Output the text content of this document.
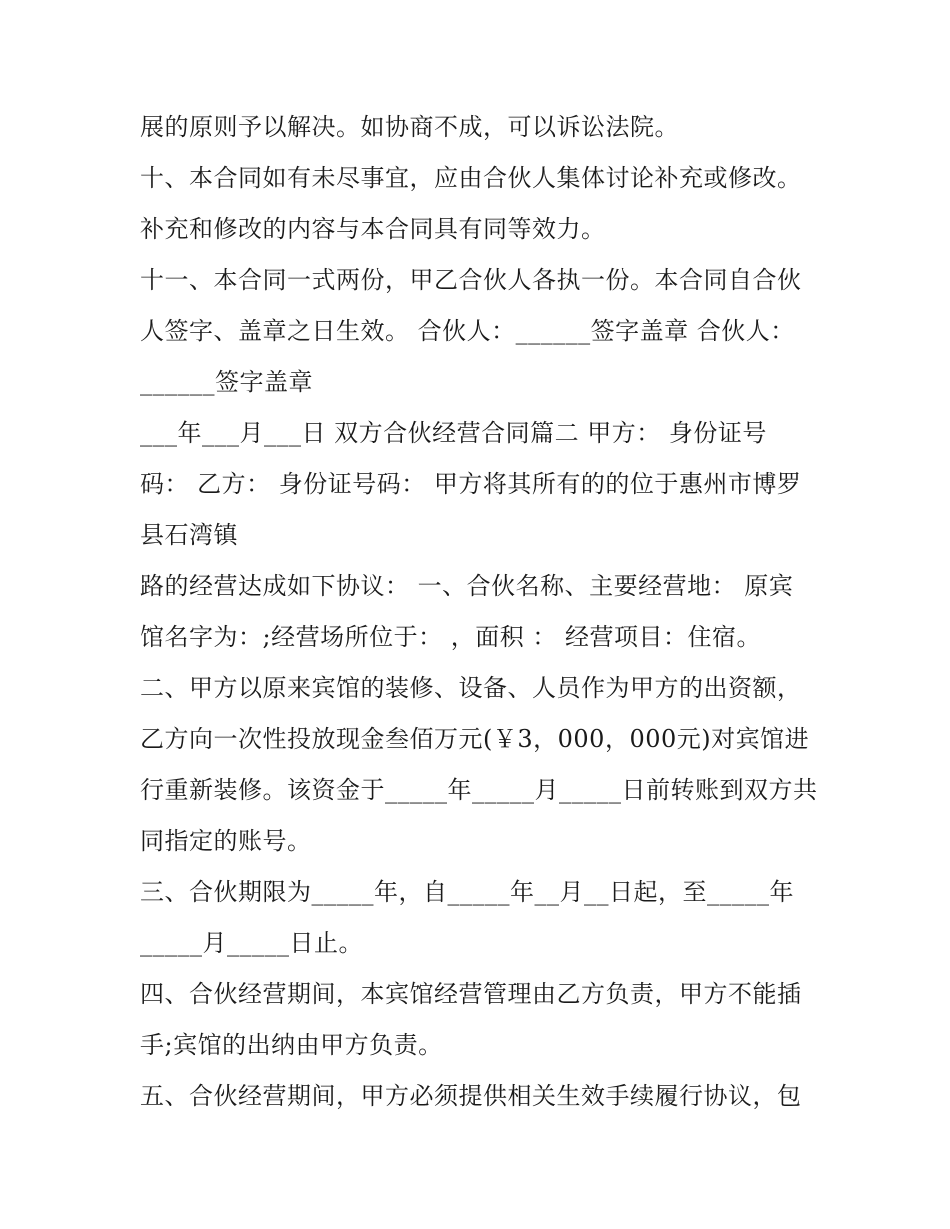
展的原则予以解决。如协商不成，可以诉讼法院。
十、本合同如有未尽事宜，应由合伙人集体讨论补充或修改。
补充和修改的内容与本合同具有同等效力。
十一、本合同一式两份，甲乙合伙人各执一份。本合同自合伙
人签字、盖章之日生效。 合伙人：______签字盖章 合伙人：
______签字盖章
___年___月___日 双方合伙经营合同篇二 甲方： 身份证号
码： 乙方： 身份证号码： 甲方将其所有的的位于惠州市博罗
县石湾镇
路的经营达成如下协议： 一、合伙名称、主要经营地： 原宾
馆名字为：;经营场所位于： ，面积 ： 经营项目：住宿。
二、甲方以原来宾馆的装修、设备、人员作为甲方的出资额，
乙方向一次性投放现金叁佰万元(￥3，000，000元)对宾馆进
行重新装修。该资金于_____年_____月_____日前转账到双方共
同指定的账号。
三、合伙期限为_____年，自_____年__月__日起，至_____年
_____月_____日止。
四、合伙经营期间，本宾馆经营管理由乙方负责，甲方不能插
手;宾馆的出纳由甲方负责。
五、合伙经营期间，甲方必须提供相关生效手续履行协议，包
